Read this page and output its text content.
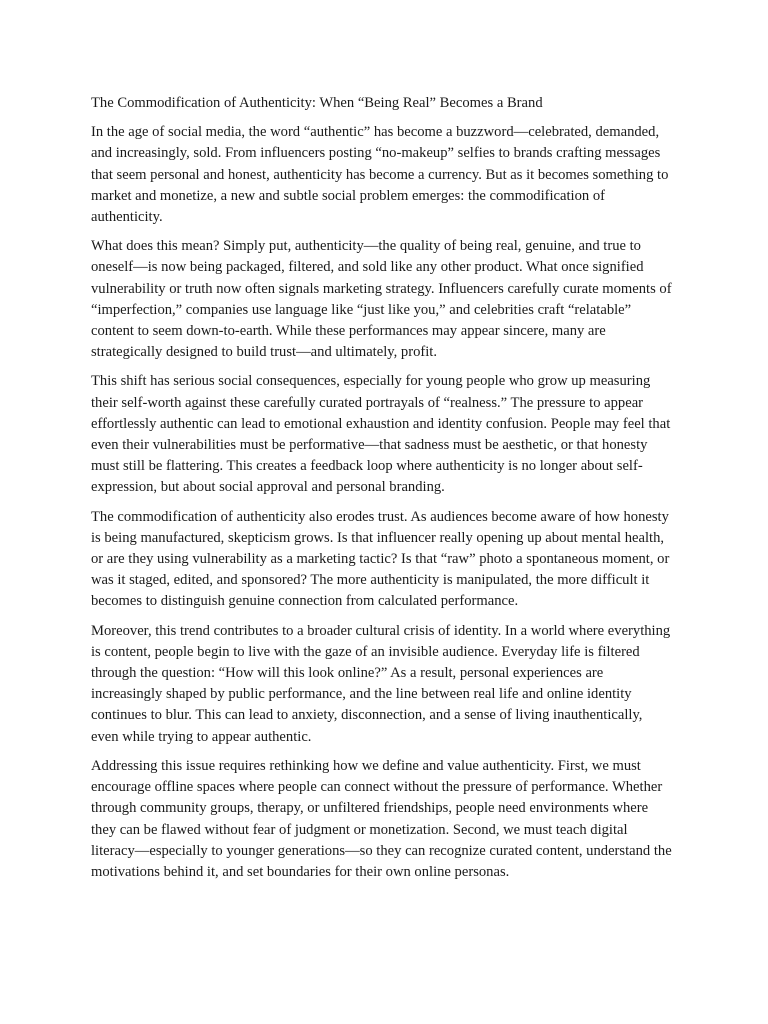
The Commodification of Authenticity: When “Being Real” Becomes a Brand

In the age of social media, the word “authentic” has become a buzzword—celebrated, demanded, and increasingly, sold. From influencers posting “no-makeup” selfies to brands crafting messages that seem personal and honest, authenticity has become a currency. But as it becomes something to market and monetize, a new and subtle social problem emerges: the commodification of authenticity.

What does this mean? Simply put, authenticity—the quality of being real, genuine, and true to oneself—is now being packaged, filtered, and sold like any other product. What once signified vulnerability or truth now often signals marketing strategy. Influencers carefully curate moments of “imperfection,” companies use language like “just like you,” and celebrities craft “relatable” content to seem down-to-earth. While these performances may appear sincere, many are strategically designed to build trust—and ultimately, profit.

This shift has serious social consequences, especially for young people who grow up measuring their self-worth against these carefully curated portrayals of “realness.” The pressure to appear effortlessly authentic can lead to emotional exhaustion and identity confusion. People may feel that even their vulnerabilities must be performative—that sadness must be aesthetic, or that honesty must still be flattering. This creates a feedback loop where authenticity is no longer about self-expression, but about social approval and personal branding.

The commodification of authenticity also erodes trust. As audiences become aware of how honesty is being manufactured, skepticism grows. Is that influencer really opening up about mental health, or are they using vulnerability as a marketing tactic? Is that “raw” photo a spontaneous moment, or was it staged, edited, and sponsored? The more authenticity is manipulated, the more difficult it becomes to distinguish genuine connection from calculated performance.

Moreover, this trend contributes to a broader cultural crisis of identity. In a world where everything is content, people begin to live with the gaze of an invisible audience. Everyday life is filtered through the question: “How will this look online?” As a result, personal experiences are increasingly shaped by public performance, and the line between real life and online identity continues to blur. This can lead to anxiety, disconnection, and a sense of living inauthentically, even while trying to appear authentic.

Addressing this issue requires rethinking how we define and value authenticity. First, we must encourage offline spaces where people can connect without the pressure of performance. Whether through community groups, therapy, or unfiltered friendships, people need environments where they can be flawed without fear of judgment or monetization. Second, we must teach digital literacy—especially to younger generations—so they can recognize curated content, understand the motivations behind it, and set boundaries for their own online personas.
